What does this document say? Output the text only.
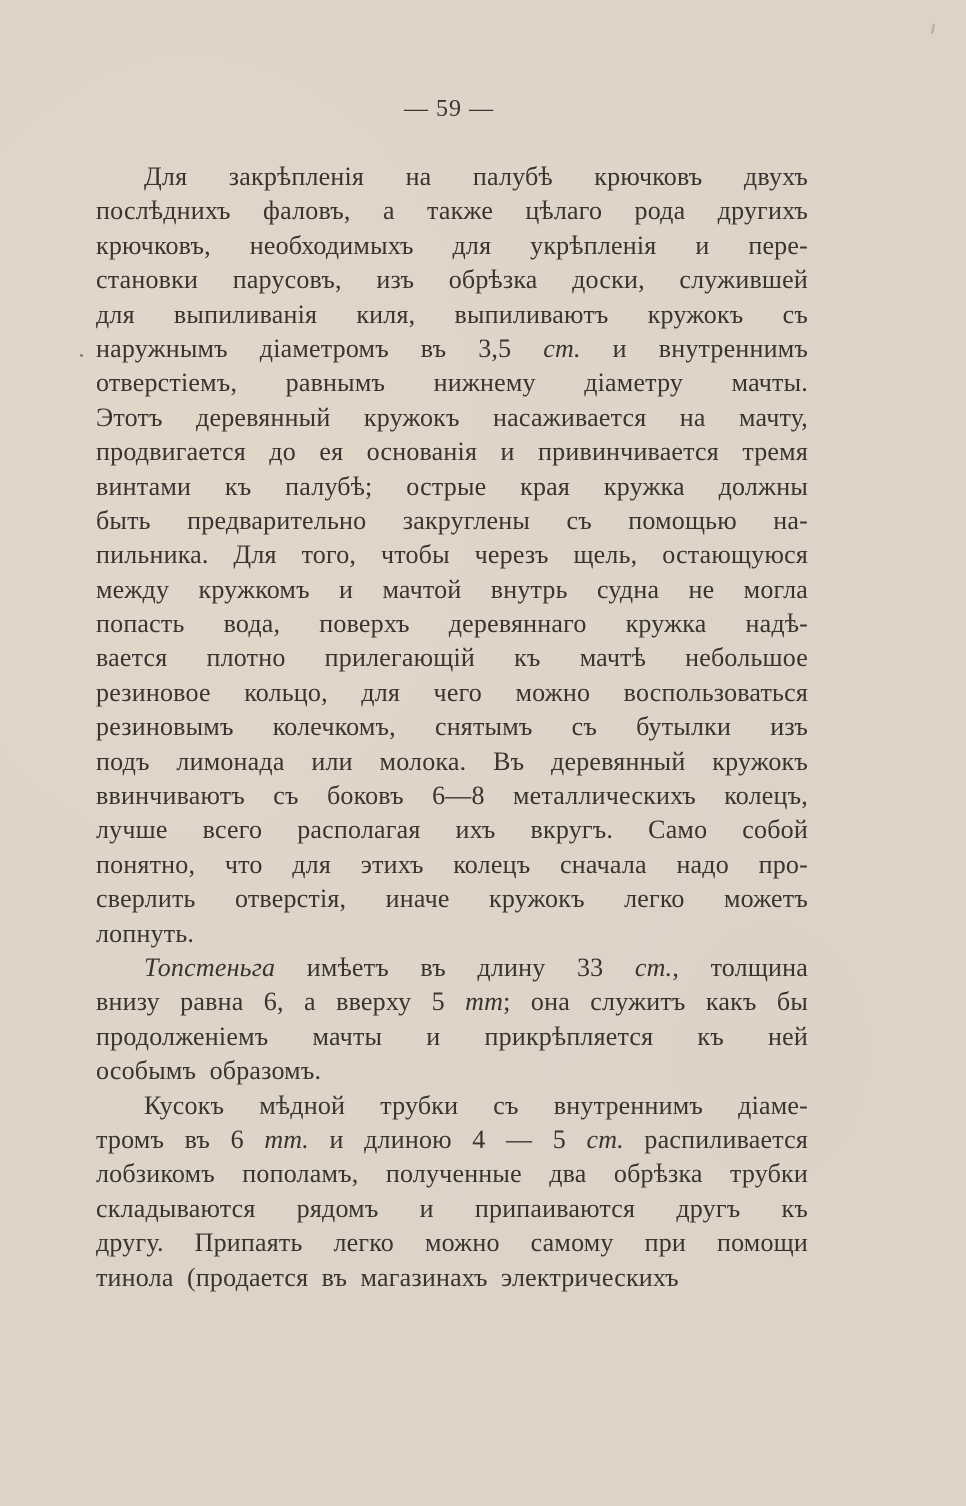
— 59 —
Для закрѣпленія на палубѣ крючковъ двухъ
послѣднихъ фаловъ, а также цѣлаго рода другихъ
крючковъ, необходимыхъ для укрѣпленія и пере-
становки парусовъ, изъ обрѣзка доски, служившей
для выпиливанія киля, выпиливаютъ кружокъ съ
наружнымъ діаметромъ въ 3,5 cm. и внутреннимъ
отверстіемъ, равнымъ нижнему діаметру мачты.
Этотъ деревянный кружокъ насаживается на мачту,
продвигается до ея основанія и привинчивается тремя
винтами къ палубѣ; острые края кружка должны
быть предварительно закруглены съ помощью на-
пильника. Для того, чтобы черезъ щель, остающуюся
между кружкомъ и мачтой внутрь судна не могла
попасть вода, поверхъ деревяннаго кружка надѣ-
вается плотно прилегающій къ мачтѣ небольшое
резиновое кольцо, для чего можно воспользоваться
резиновымъ колечкомъ, снятымъ съ бутылки изъ
подъ лимонада или молока. Въ деревянный кружокъ
ввинчиваютъ съ боковъ 6—8 металлическихъ колецъ,
лучше всего располагая ихъ вкругъ. Само собой
понятно, что для этихъ колецъ сначала надо про-
сверлить отверстія, иначе кружокъ легко можетъ
лопнуть.
Топстеньга имѣетъ въ длину 33 cm., толщина
внизу равна 6, а вверху 5 mm; она служитъ какъ бы
продолженіемъ мачты и прикрѣпляется къ ней
особымъ  образомъ.
Кусокъ мѣдной трубки съ внутреннимъ діаме-
тромъ въ 6 mm. и длиною 4 — 5 cm. распиливается
лобзикомъ пополамъ, полученные два обрѣзка трубки
складываются рядомъ и припаиваются другъ къ
другу. Припаять легко можно самому при помощи
тинола  (продается  въ  магазинахъ  электрическихъ
